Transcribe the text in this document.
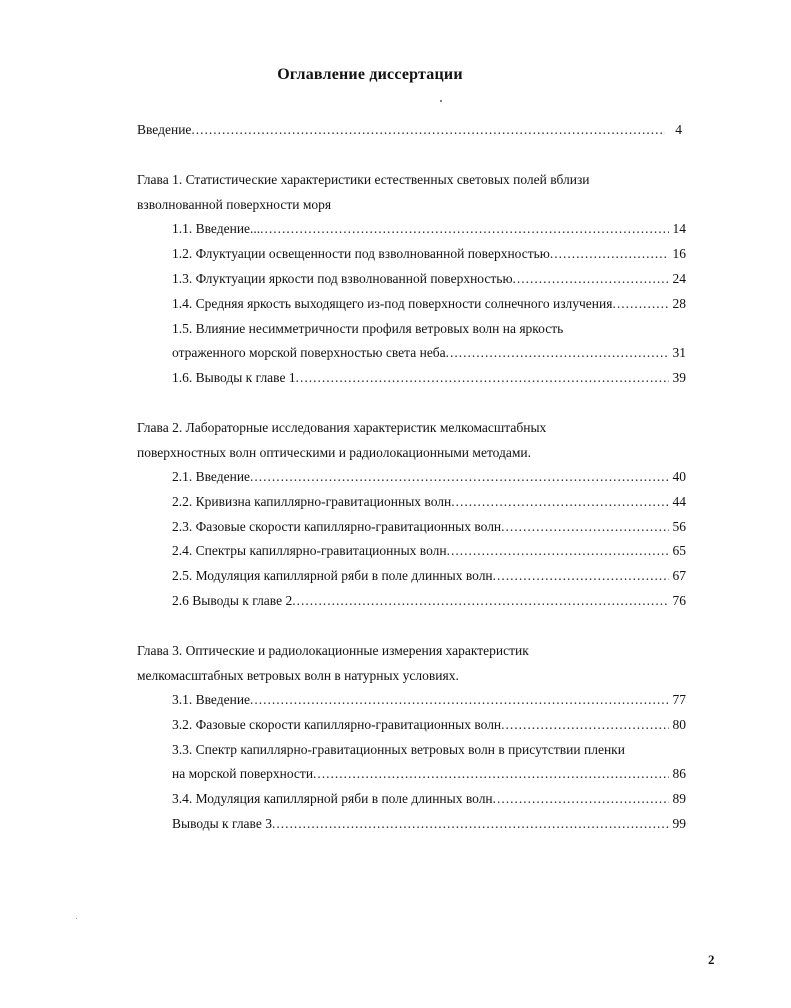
Оглавление диссертации
Введение .....	4
Глава 1. Статистические характеристики естественных световых полей вблизи
взволнованной поверхности моря
1.1. Введение... .....	14
1.2. Флуктуации освещенности под взволнованной поверхностью .....	16
1.3. Флуктуации яркости под взволнованной поверхностью .....	24
1.4. Средняя яркость выходящего из-под поверхности солнечного излучения .....	28
1.5. Влияние несимметричности профиля ветровых волн на яркость
отраженного морской поверхностью света неба .....	31
1.6. Выводы к главе 1 .....	39
Глава 2. Лабораторные исследования характеристик мелкомасштабных
поверхностных волн оптическими и радиолокационными методами.
2.1. Введение .....	40
2.2. Кривизна капиллярно-гравитационных волн .....	44
2.3. Фазовые скорости капиллярно-гравитационных волн .....	56
2.4. Спектры капиллярно-гравитационных волн .....	65
2.5. Модуляция капиллярной ряби в поле длинных волн .....	67
2.6 Выводы к главе 2 .....	76
Глава 3. Оптические и радиолокационные измерения характеристик
мелкомасштабных ветровых волн в натурных условиях.
3.1. Введение .....	77
3.2. Фазовые скорости капиллярно-гравитационных волн .....	80
3.3. Спектр капиллярно-гравитационных ветровых волн в присутствии пленки
на морской поверхности .....	86
3.4. Модуляция капиллярной ряби в поле длинных волн .....	89
Выводы к главе 3 .....	99
2
